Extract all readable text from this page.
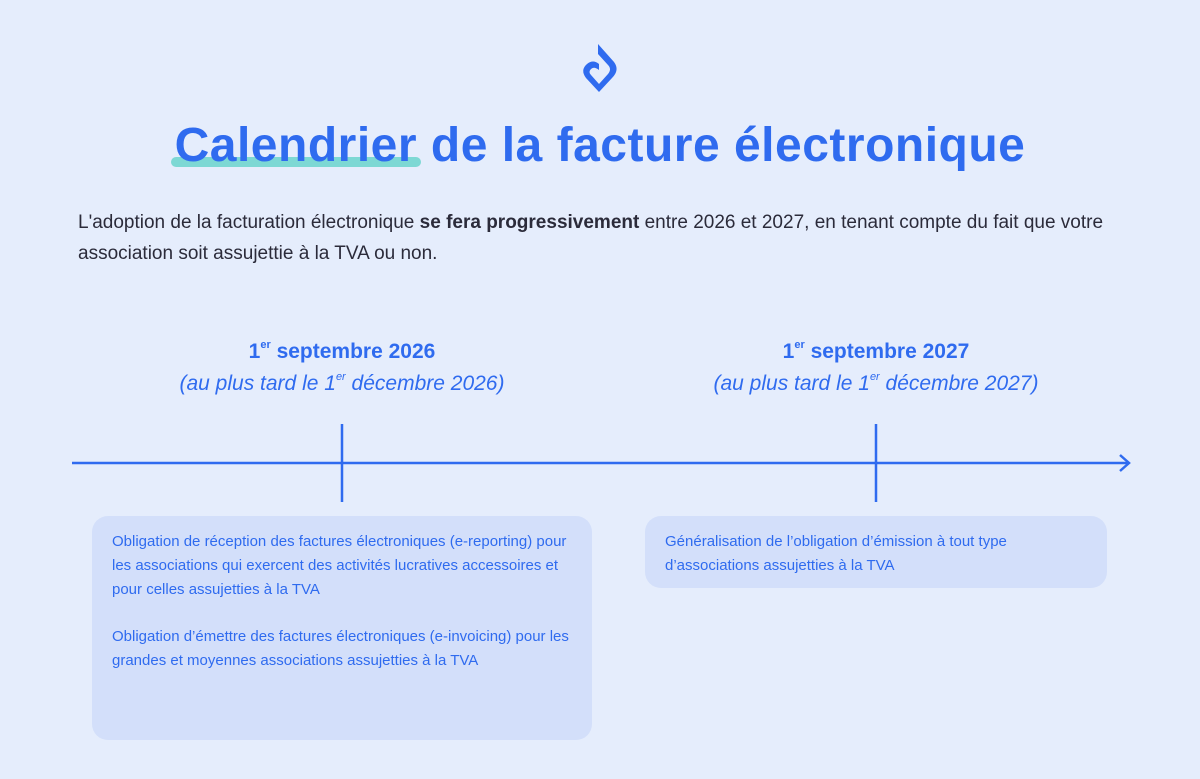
Calendrier de la facture électronique

L'adoption de la facturation électronique se fera progressivement entre 2026 et 2027, en tenant compte du fait que votre association soit assujettie à la TVA ou non.

1er septembre 2026
(au plus tard le 1er décembre 2026)
1er septembre 2027
(au plus tard le 1er décembre 2027)

Obligation de réception des factures électroniques (e-reporting) pour les associations qui exercent des activités lucratives accessoires et pour celles assujetties à la TVA

Obligation d’émettre des factures électroniques (e-invoicing) pour les grandes et moyennes associations assujetties à la TVA

Généralisation de l’obligation d’émission à tout type d’associations assujetties à la TVA
